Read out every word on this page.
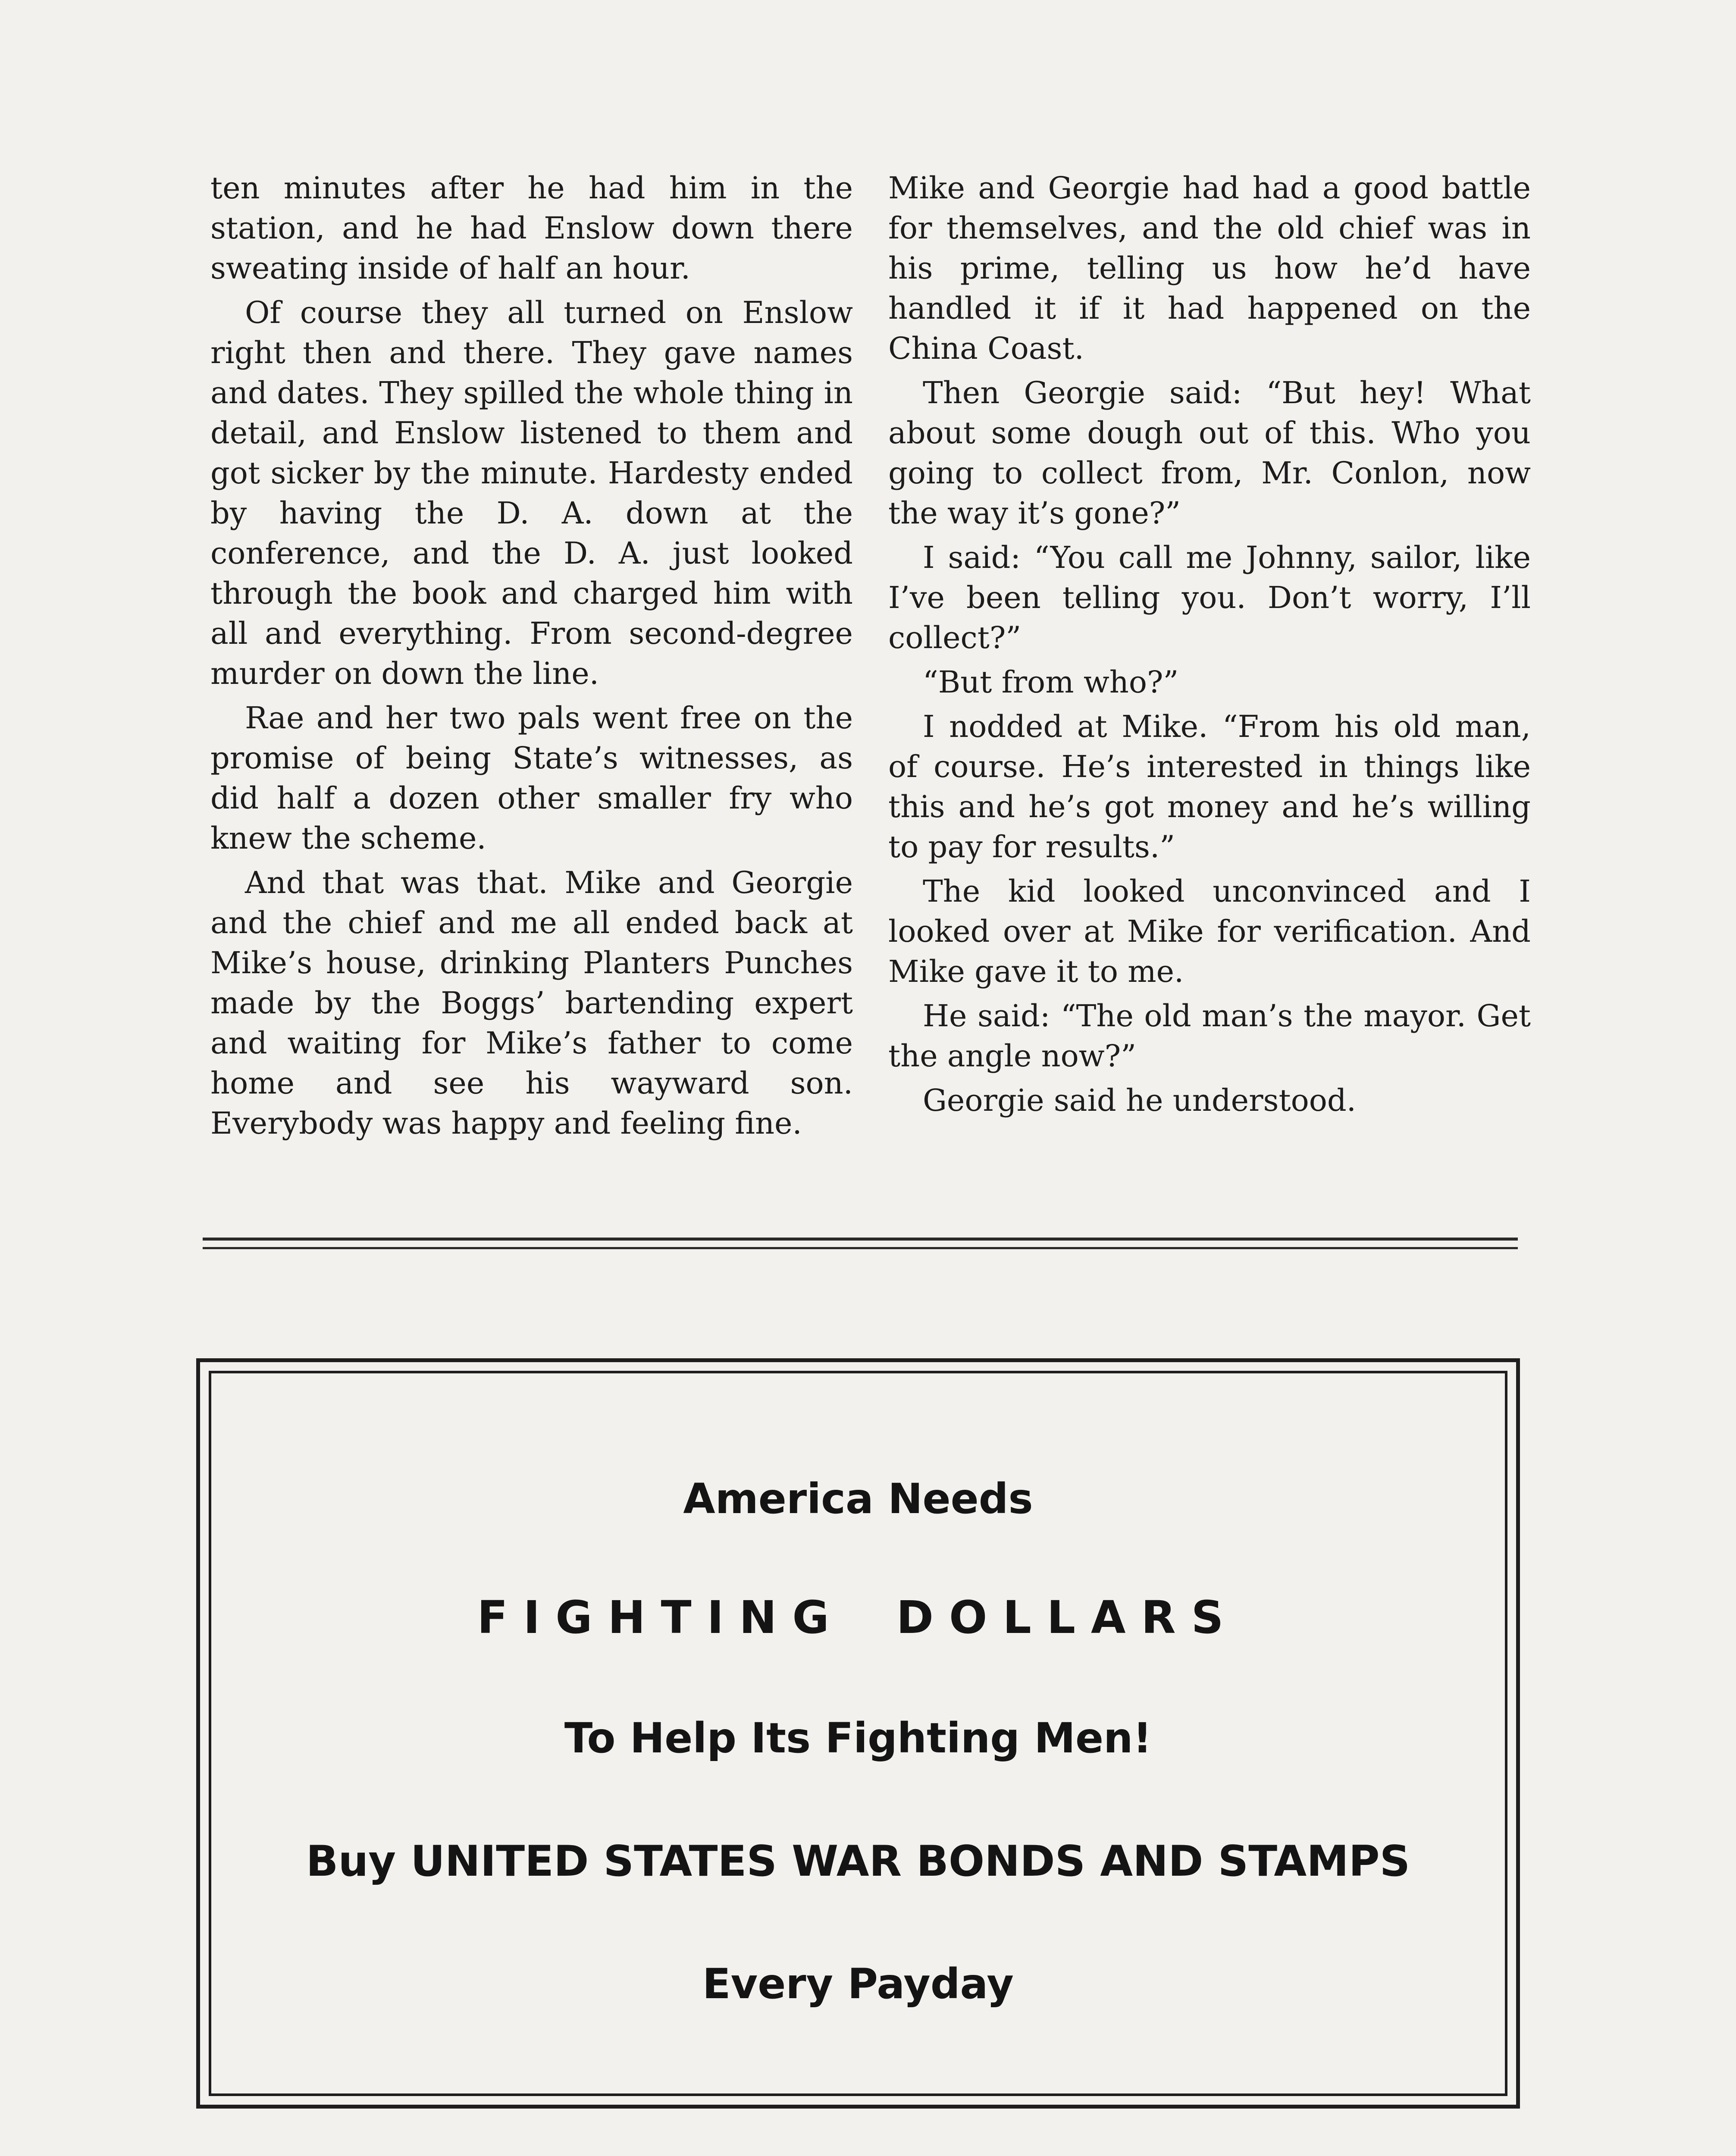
ten minutes after he had him in the station, and he had Enslow down there sweating inside of half an hour.

Of course they all turned on Enslow right then and there. They gave names and dates. They spilled the whole thing in detail, and Enslow listened to them and got sicker by the minute. Hardesty ended by having the D. A. down at the conference, and the D. A. just looked through the book and charged him with all and everything. From second-degree murder on down the line.

Rae and her two pals went free on the promise of being State’s witnesses, as did half a dozen other smaller fry who knew the scheme.

And that was that. Mike and Georgie and the chief and me all ended back at Mike’s house, drinking Planters Punches made by the Boggs’ bartending expert and waiting for Mike’s father to come home and see his wayward son. Everybody was happy and feeling fine.

Mike and Georgie had had a good battle for themselves, and the old chief was in his prime, telling us how he’d have handled it if it had happened on the China Coast.

Then Georgie said: “But hey! What about some dough out of this. Who you going to collect from, Mr. Conlon, now the way it’s gone?”

I said: “You call me Johnny, sailor, like I’ve been telling you. Don’t worry, I’ll collect?”

“But from who?”

I nodded at Mike. “From his old man, of course. He’s interested in things like this and he’s got money and he’s willing to pay for results.”

The kid looked unconvinced and I looked over at Mike for verification. And Mike gave it to me.

He said: “The old man’s the mayor. Get the angle now?”

Georgie said he understood.

America Needs
FIGHTING DOLLARS
To Help Its Fighting Men!
Buy UNITED STATES WAR BONDS AND STAMPS
Every Payday
